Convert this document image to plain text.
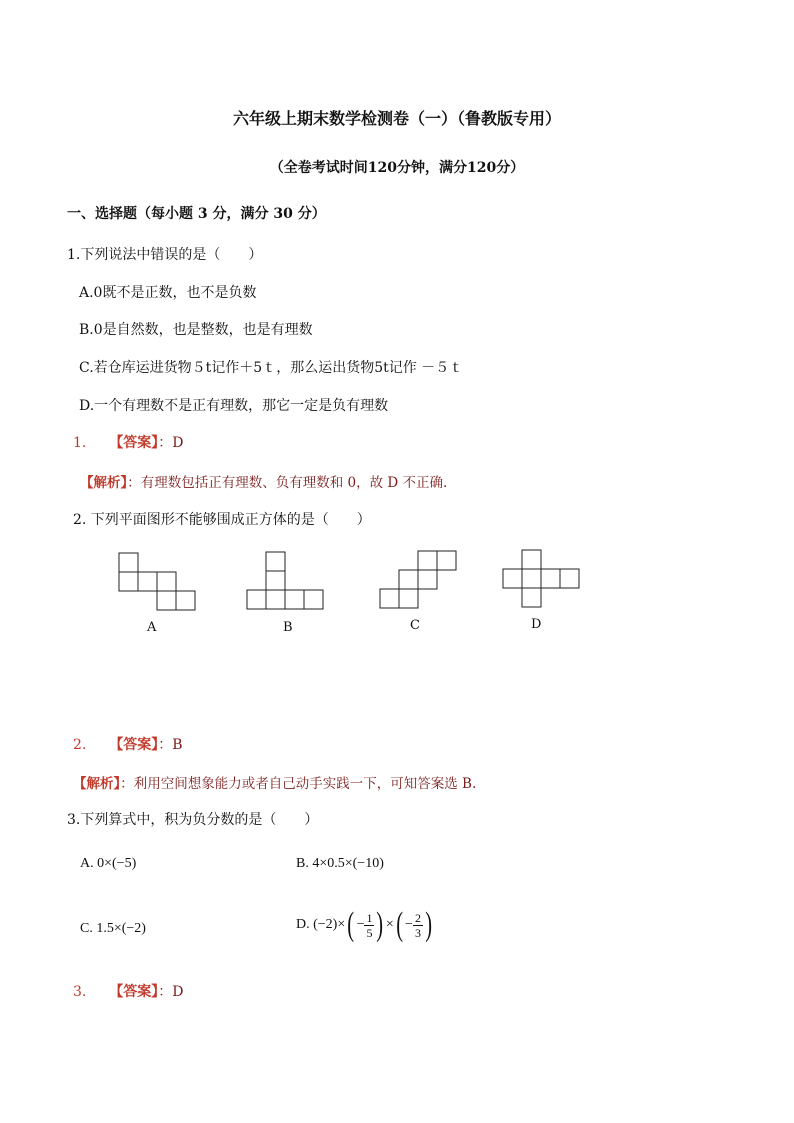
六年级上期末数学检测卷（一）（鲁教版专用）
（全卷考试时间120分钟，满分120分）
一、选择题（每小题 3 分，满分 30 分）
1.下列说法中错误的是（　　）
A.0既不是正数，也不是负数
B.0是自然数，也是整数，也是有理数
C.若仓库运进货物５t记作＋5ｔ，那么运出货物5t记作 －５ｔ
D.一个有理数不是正有理数，那它一定是负有理数
1. 【答案】：D
【解析】：有理数包括正有理数、负有理数和 0，故 D 不正确.
2. 下列平面图形不能够围成正方体的是（　　）
A	B	C	D
2. 【答案】：B
【解析】：利用空间想象能力或者自己动手实践一下，可知答案选 B.
3.下列算式中，积为负分数的是（　　）
A. 0×(−5)	B. 4×0.5×(−10)
C. 1.5×(−2)	D. $(-2)\times( - \frac{1}{5}$ ) ×( − $\frac{2}{3}$ )
3. 【答案】：D
